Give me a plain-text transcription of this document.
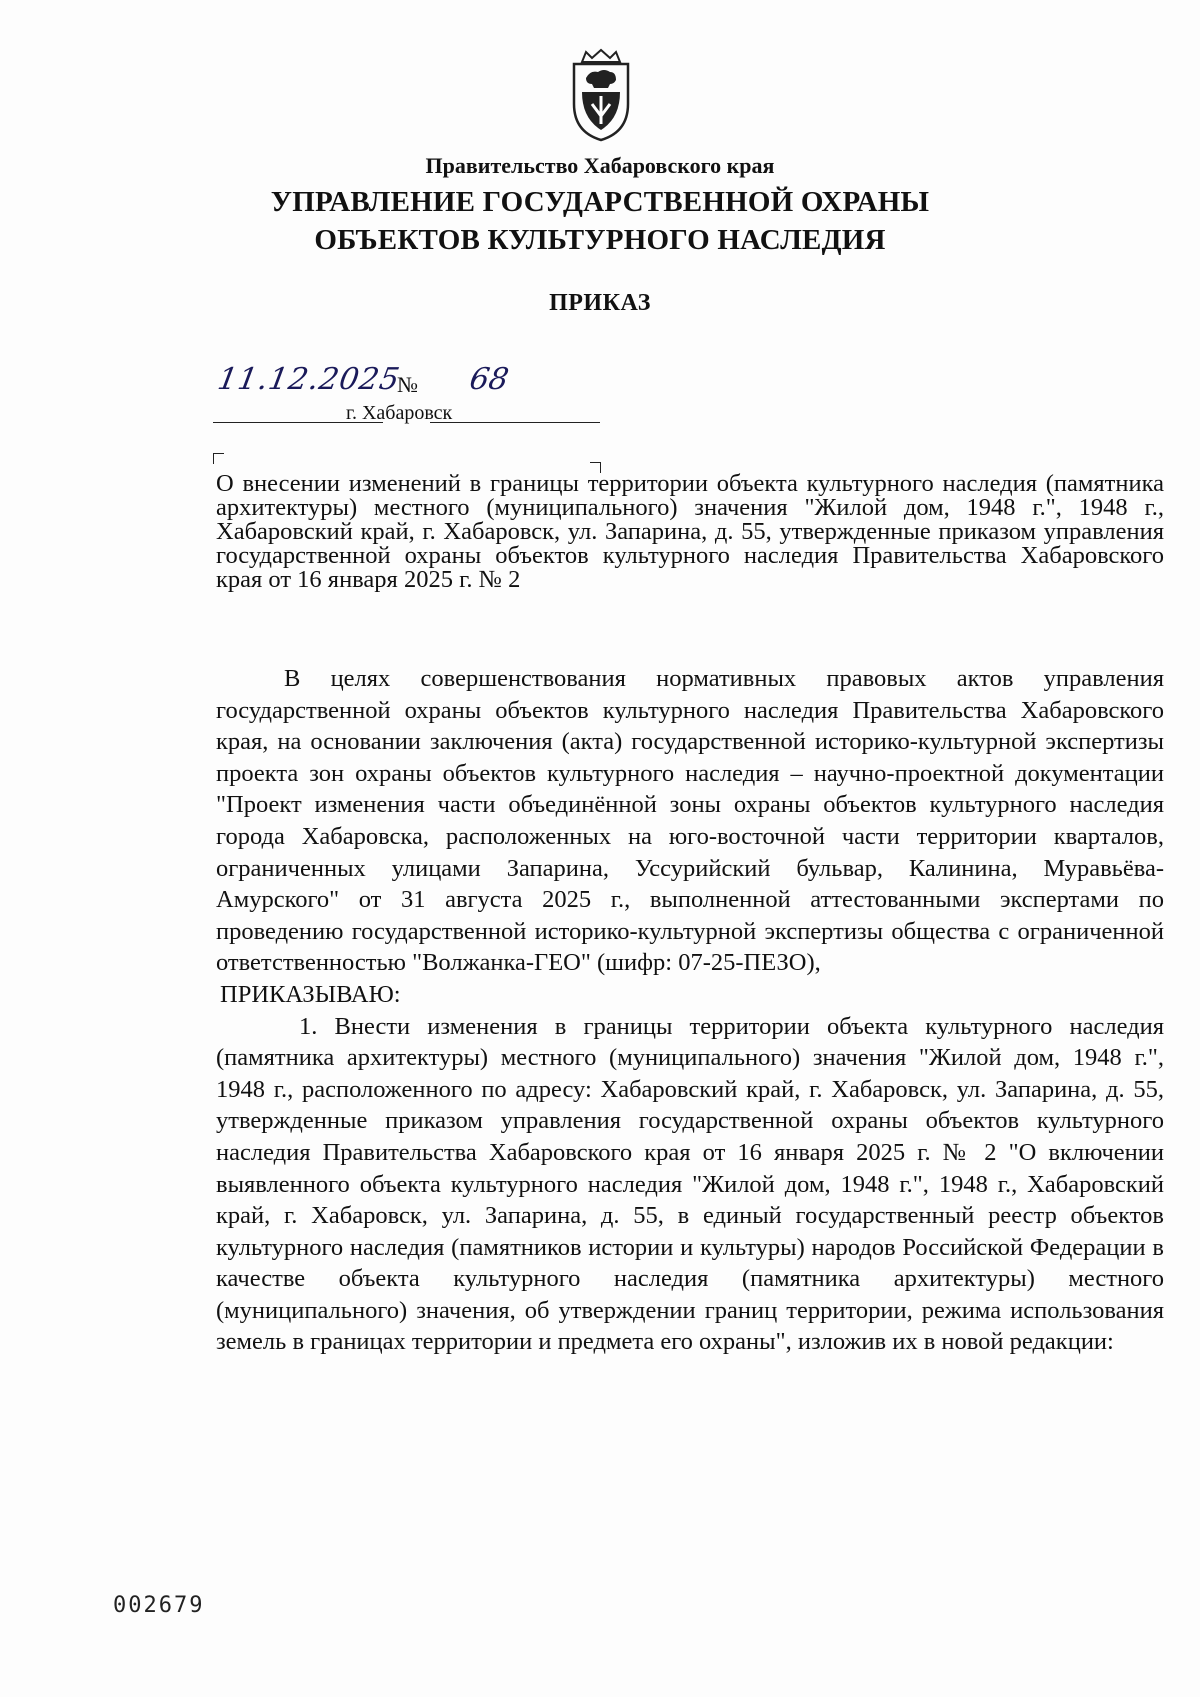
Правительство Хабаровского края
УПРАВЛЕНИЕ ГОСУДАРСТВЕННОЙ ОХРАНЫ
ОБЪЕКТОВ КУЛЬТУРНОГО НАСЛЕДИЯ
ПРИКАЗ
11.12.2025
№ 68
г. Хабаровск
О внесении изменений в границы территории объекта культурного наследия (памятника архитектуры) местного (муниципального) значения "Жилой дом, 1948 г.", 1948 г., Хабаровский край, г. Хабаровск, ул. Запарина, д. 55, утвержденные приказом управления государственной охраны объектов культурного наследия Правительства Хабаровского края от 16 января 2025 г. № 2

В целях совершенствования нормативных правовых актов управления государственной охраны объектов культурного наследия Правительства Хабаровского края, на основании заключения (акта) государственной историко-культурной экспертизы проекта зон охраны объектов культурного наследия – научно-проектной документации "Проект изменения части объединённой зоны охраны объектов культурного наследия города Хабаровска, расположенных на юго-восточной части территории кварталов, ограниченных улицами Запарина, Уссурийский бульвар, Калинина, Муравьёва-Амурского" от 31 августа 2025 г., выполненной аттестованными экспертами по проведению государственной историко-культурной экспертизы общества с ограниченной ответственностью "Волжанка-ГЕО" (шифр: 07-25-ПЕЗО),

ПРИКАЗЫВАЮ:

1. Внести изменения в границы территории объекта культурного наследия (памятника архитектуры) местного (муниципального) значения "Жилой дом, 1948 г.", 1948 г., расположенного по адресу: Хабаровский край, г. Хабаровск, ул. Запарина, д. 55, утвержденные приказом управления государственной охраны объектов культурного наследия Правительства Хабаровского края от 16 января 2025 г. № 2 "О включении выявленного объекта культурного наследия "Жилой дом, 1948 г.", 1948 г., Хабаровский край, г. Хабаровск, ул. Запарина, д. 55, в единый государственный реестр объектов культурного наследия (памятников истории и культуры) народов Российской Федерации в качестве объекта культурного наследия (памятника архитектуры) местного (муниципального) значения, об утверждении границ территории, режима использования земель в границах территории и предмета его охраны", изложив их в новой редакции:

002679
